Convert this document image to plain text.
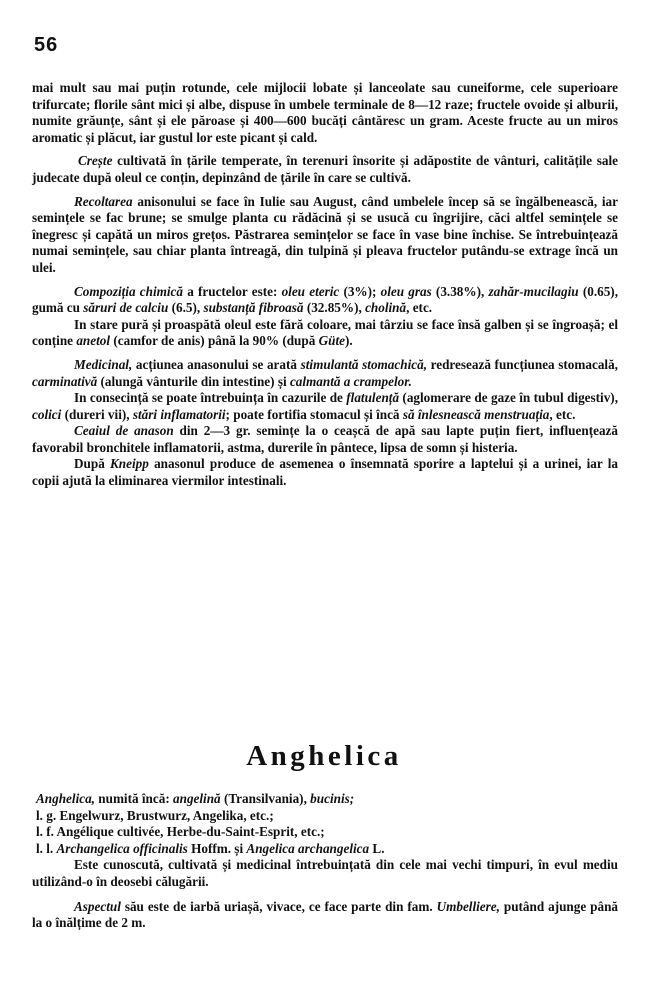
56

mai mult sau mai puțin rotunde, cele mijlocii lobate și lanceolate sau cuneiforme, cele superioare trifurcate; florile sânt mici și albe, dispuse în umbele terminale de 8—12 raze; fructele ovoide și alburii, numite grăunțe, sânt și ele păroase și 400—600 bucăți cântăresc un gram. Aceste fructe au un miros aromatic și plăcut, iar gustul lor este picant și cald.

Crește cultivată în țările temperate, în terenuri însorite și adăpostite de vânturi, calitățile sale judecate după oleul ce conțin, depinzând de țările în care se cultivă.

Recoltarea anisonului se face în Iulie sau August, când umbelele încep să se îngălbenească, iar semințele se fac brune; se smulge planta cu rădăcină și se usucă cu îngrijire, căci altfel semințele se înegresc și capătă un miros grețos. Păstrarea semințelor se face în vase bine închise. Se întrebuințează numai semințele, sau chiar planta întreagă, din tulpină și pleava fructelor putându-se extrage încă un ulei.

Compoziția chimică a fructelor este: oleu eteric (3%); oleu gras (3.38%), zahăr-mucilagiu (0.65), gumă cu săruri de calciu (6.5), substanță fibroasă (32.85%), cholină, etc.

In stare pură și proaspătă oleul este fără coloare, mai târziu se face însă galben și se îngroașă; el conține anetol (camfor de anis) până la 90% (după Güte).

Medicinal, acțiunea anasonului se arată stimulantă stomachică, redresează funcțiunea stomacală, carminativă (alungă vânturile din intestine) și calmantă a crampelor.

In consecință se poate întrebuința în cazurile de flatulență (aglomerare de gaze în tubul digestiv), colici (dureri vii), stări inflamatorii; poate fortifia stomacul și încă să înlesnească menstruația, etc.

Ceaiul de anason din 2—3 gr. semințe la o ceașcă de apă sau lapte puțin fiert, influențează favorabil bronchitele inflamatorii, astma, durerile în pântece, lipsa de somn și histeria.

După Kneipp anasonul produce de asemenea o însemnată sporire a laptelui și a urinei, iar la copii ajută la eliminarea viermilor intestinali.

Anghelica

Anghelica, numită încă: angelină (Transilvania), bucinis;

l. g. Engelwurz, Brustwurz, Angelika, etc.;

l. f. Angélique cultivée, Herbe-du-Saint-Esprit, etc.;

l. l. Archangelica officinalis Hoffm. și Angelica archangelica L.

Este cunoscută, cultivată și medicinal întrebuințată din cele mai vechi timpuri, în evul mediu utilizând-o în deosebi călugării.

Aspectul său este de iarbă uriașă, vivace, ce face parte din fam. Umbelliere, putând ajunge până la o înălțime de 2 m.
